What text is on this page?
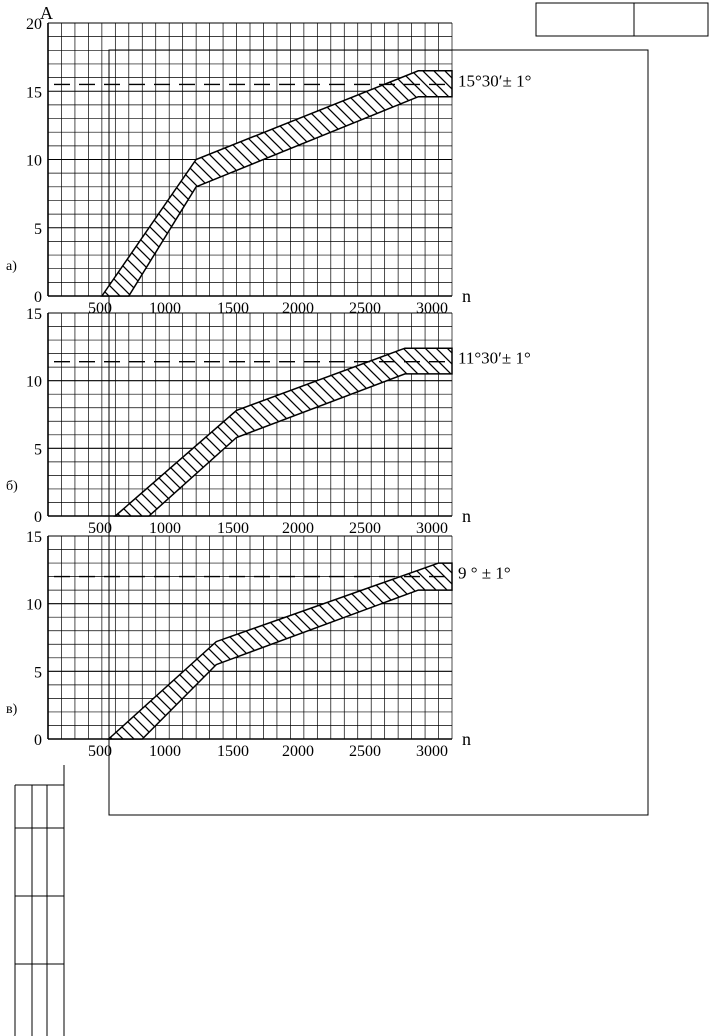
0
5
10
15
20
500 1000 1500 2000 2500 3000
n
A
а)
15°30′± 1°
0
5
10
15
500 1000 1500 2000 2500 3000
n
б)
11°30′± 1°
0
5
10
15
500 1000 1500 2000 2500 3000
n
в)
9 ° ± 1°
